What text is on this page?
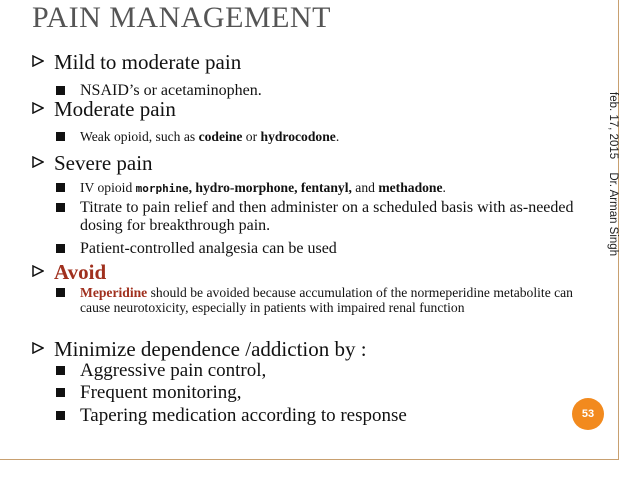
PAIN MANAGEMENT
Mild to moderate pain
NSAID’s or acetaminophen.
Moderate pain
Weak opioid, such as codeine or hydrocodone.
Severe pain
IV opioid morphine, hydro-morphone, fentanyl, and methadone.
Titrate to pain relief and then administer on a scheduled basis with as-needed dosing for breakthrough pain.
Patient-controlled analgesia can be used
Avoid
Meperidine should be avoided because accumulation of the normeperidine metabolite can cause neurotoxicity, especially in patients with impaired renal function
Minimize dependence /addiction by :
Aggressive pain control,
Frequent monitoring,
Tapering medication according to response
feb. 17, 2015 Dr. Arman Singh
53
